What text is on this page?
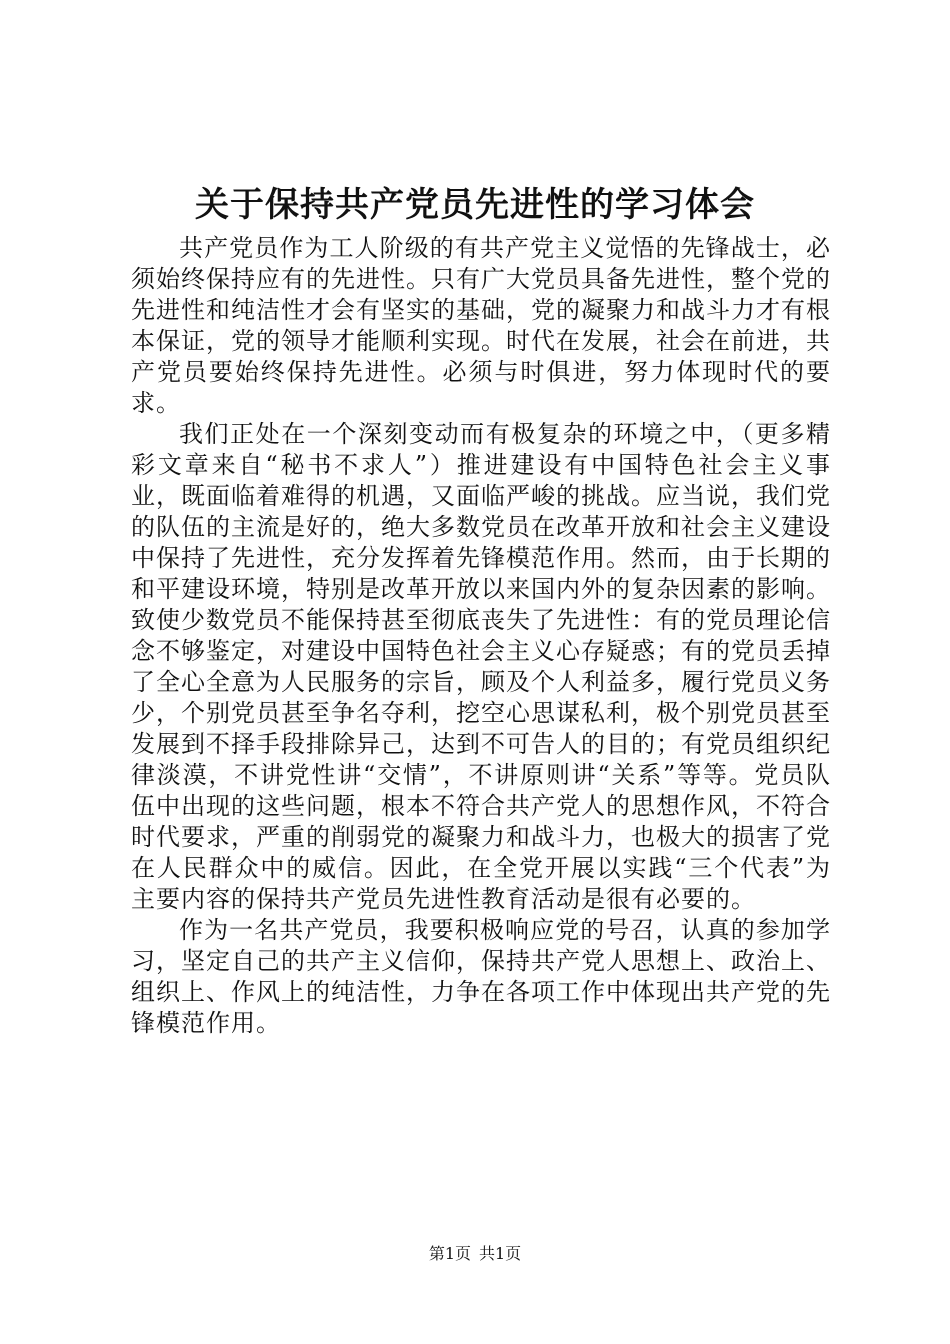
关于保持共产党员先进性的学习体会

共产党员作为工人阶级的有共产党主义觉悟的先锋战士，必须始终保持应有的先进性。只有广大党员具备先进性，整个党的先进性和纯洁性才会有坚实的基础，党的凝聚力和战斗力才有根本保证，党的领导才能顺利实现。时代在发展，社会在前进，共产党员要始终保持先进性。必须与时俱进，努力体现时代的要求。

我们正处在一个深刻变动而有极复杂的环境之中，（更多精彩文章来自“秘书不求人”）推进建设有中国特色社会主义事业，既面临着难得的机遇，又面临严峻的挑战。应当说，我们党的队伍的主流是好的，绝大多数党员在改革开放和社会主义建设中保持了先进性，充分发挥着先锋模范作用。然而，由于长期的和平建设环境，特别是改革开放以来国内外的复杂因素的影响。致使少数党员不能保持甚至彻底丧失了先进性：有的党员理论信念不够鉴定，对建设中国特色社会主义心存疑惑；有的党员丢掉了全心全意为人民服务的宗旨，顾及个人利益多，履行党员义务少，个别党员甚至争名夺利，挖空心思谋私利，极个别党员甚至发展到不择手段排除异己，达到不可告人的目的；有党员组织纪律淡漠，不讲党性讲“交情”，不讲原则讲“关系”等等。党员队伍中出现的这些问题，根本不符合共产党人的思想作风，不符合时代要求，严重的削弱党的凝聚力和战斗力，也极大的损害了党在人民群众中的威信。因此，在全党开展以实践“三个代表”为主要内容的保持共产党员先进性教育活动是很有必要的。

作为一名共产党员，我要积极响应党的号召，认真的参加学习，坚定自己的共产主义信仰，保持共产党人思想上、政治上、组织上、作风上的纯洁性，力争在各项工作中体现出共产党的先锋模范作用。

第1页 共1页
